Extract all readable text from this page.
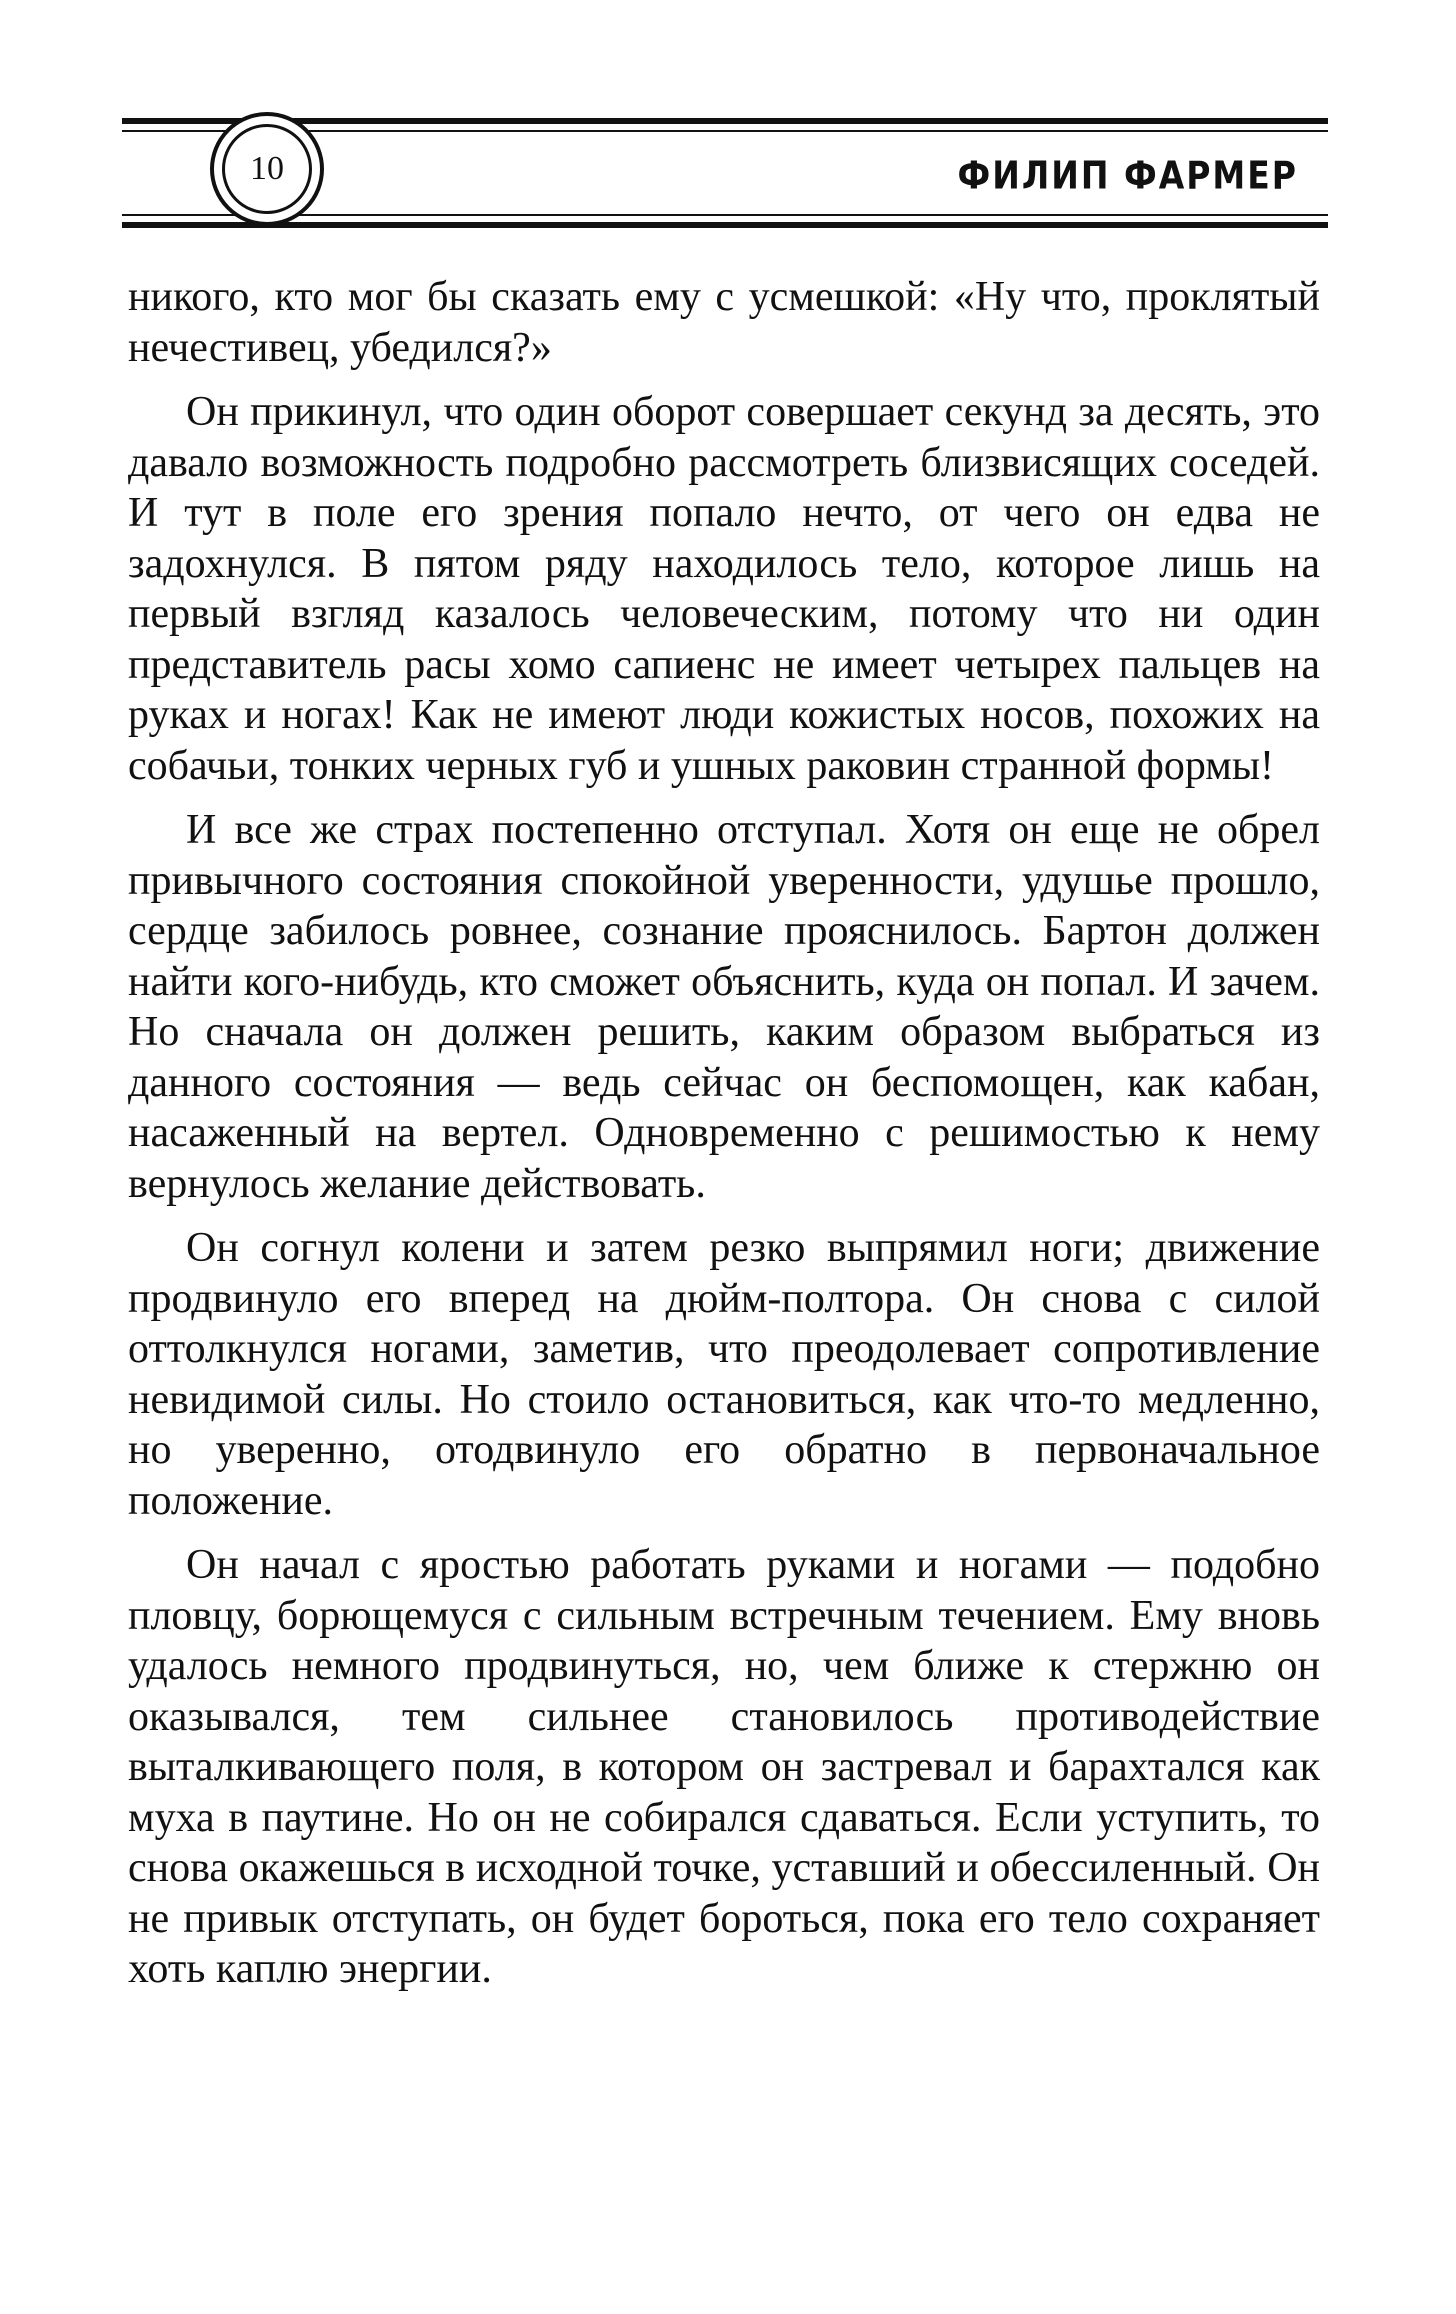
10	ФИЛИП ФАРМЕР

никого, кто мог бы сказать ему с усмешкой: «Ну что, проклятый нечестивец, убедился?»

Он прикинул, что один оборот совершает секунд за десять, это давало возможность подробно рассмотреть близвисящих соседей. И тут в поле его зрения попало нечто, от чего он едва не задохнулся. В пятом ряду находилось тело, которое лишь на первый взгляд казалось человеческим, потому что ни один представитель расы хомо сапиенс не имеет четырех пальцев на руках и ногах! Как не имеют люди кожистых носов, похожих на собачьи, тонких черных губ и ушных раковин странной формы!

И все же страх постепенно отступал. Хотя он еще не обрел привычного состояния спокойной уверенности, удушье прошло, сердце забилось ровнее, сознание прояснилось. Бартон должен найти кого-нибудь, кто сможет объяснить, куда он попал. И зачем. Но сначала он должен решить, каким образом выбраться из данного состояния — ведь сейчас он беспомощен, как кабан, насаженный на вертел. Одновременно с решимостью к нему вернулось желание действовать.

Он согнул колени и затем резко выпрямил ноги; движение продвинуло его вперед на дюйм-полтора. Он снова с силой оттолкнулся ногами, заметив, что преодолевает сопротивление невидимой силы. Но стоило остановиться, как что-то медленно, но уверенно, отодвинуло его обратно в первоначальное положение.

Он начал с яростью работать руками и ногами — подобно пловцу, борющемуся с сильным встречным течением. Ему вновь удалось немного продвинуться, но, чем ближе к стержню он оказывался, тем сильнее становилось противодействие выталкивающего поля, в котором он застревал и барахтался как муха в паутине. Но он не собирался сдаваться. Если уступить, то снова окажешься в исходной точке, уставший и обессиленный. Он не привык отступать, он будет бороться, пока его тело сохраняет хоть каплю энергии.
